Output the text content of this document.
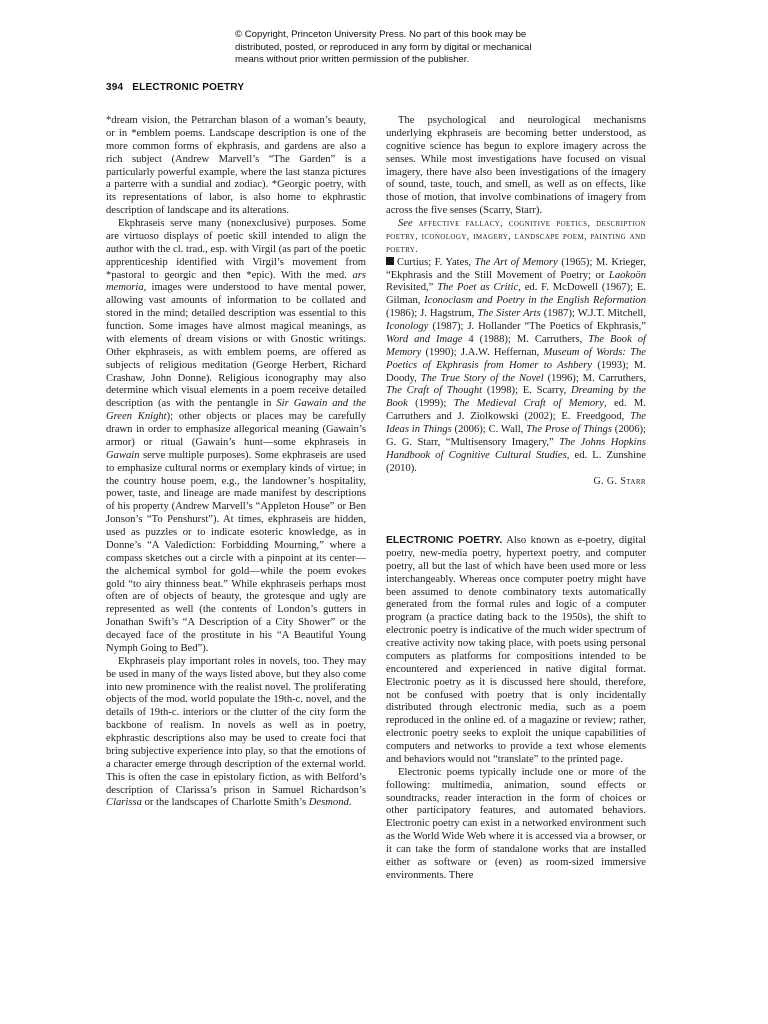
© Copyright, Princeton University Press. No part of this book may be
distributed, posted, or reproduced in any form by digital or mechanical
means without prior written permission of the publisher.
394 ELECTRONIC POETRY

*dream vision, the Petrarchan blason of a woman’s beauty, or in *emblem poems. Landscape description is one of the more common forms of ekphrasis, and gardens are also a rich subject (Andrew Marvell’s “The Garden” is a particularly powerful example, where the last stanza pictures a parterre with a sundial and zodiac). *Georgic poetry, with its representations of labor, is also home to ekphrastic description of landscape and its alterations.

Ekphraseis serve many (nonexclusive) purposes. Some are virtuoso displays of poetic skill intended to align the author with the cl. trad., esp. with Virgil (as part of the poetic apprenticeship identified with Virgil’s movement from *pastoral to georgic and then *epic). With the med. ars memoria, images were understood to have mental power, allowing vast amounts of information to be collated and stored in the mind; detailed description was essential to this function. Some images have almost magical meanings, as with elements of dream visions or with Gnostic writings. Other ekphraseis, as with emblem poems, are offered as subjects of religious meditation (George Herbert, Richard Crashaw, John Donne). Religious iconography may also determine which visual elements in a poem receive detailed description (as with the pentangle in Sir Gawain and the Green Knight); other objects or places may be carefully drawn in order to emphasize allegorical meaning (Gawain’s armor) or ritual (Gawain’s hunt—some ekphraseis in Gawain serve multiple purposes). Some ekphraseis are used to emphasize cultural norms or exemplary kinds of virtue; in the country house poem, e.g., the landowner’s hospitality, power, taste, and lineage are made manifest by descriptions of his property (Andrew Marvell’s “Appleton House” or Ben Jonson’s “To Penshurst”). At times, ekphraseis are hidden, used as puzzles or to indicate esoteric knowledge, as in Donne’s “A Valediction: Forbidding Mourning,” where a compass sketches out a circle with a pinpoint at its center—the alchemical symbol for gold—while the poem evokes gold “to airy thinness beat.” While ekphraseis perhaps most often are of objects of beauty, the grotesque and ugly are represented as well (the contents of London’s gutters in Jonathan Swift’s “A Description of a City Shower” or the decayed face of the prostitute in his “A Beautiful Young Nymph Going to Bed”).

Ekphraseis play important roles in novels, too. They may be used in many of the ways listed above, but they also come into new prominence with the realist novel. The proliferating objects of the mod. world populate the 19th-c. novel, and the details of 19th-c. interiors or the clutter of the city form the backbone of realism. In novels as well as in poetry, ekphrastic descriptions also may be used to create foci that bring subjective experience into play, so that the emotions of a character emerge through description of the external world. This is often the case in epistolary fiction, as with Belford’s description of Clarissa’s prison in Samuel Richardson’s Clarissa or the landscapes of Charlotte Smith’s Desmond.

The psychological and neurological mechanisms underlying ekphraseis are becoming better understood, as cognitive science has begun to explore imagery across the senses. While most investigations have focused on visual imagery, there have also been investigations of the imagery of sound, taste, touch, and smell, as well as on effects, like those of motion, that involve combinations of imagery from across the five senses (Scarry, Starr).

See affective fallacy, cognitive poetics, description poetry, iconology, imagery, landscape poem, painting and poetry.

Curtius; F. Yates, The Art of Memory (1965); M. Krieger, “Ekphrasis and the Still Movement of Poetry; or Laokoön Revisited,” The Poet as Critic, ed. F. McDowell (1967); E. Gilman, Iconoclasm and Poetry in the English Reformation (1986); J. Hagstrum, The Sister Arts (1987); W.J.T. Mitchell, Iconology (1987); J. Hollander “The Poetics of Ekphrasis,” Word and Image 4 (1988); M. Carruthers, The Book of Memory (1990); J.A.W. Heffernan, Museum of Words: The Poetics of Ekphrasis from Homer to Ashbery (1993); M. Doody, The True Story of the Novel (1996); M. Carruthers, The Craft of Thought (1998); E. Scarry, Dreaming by the Book (1999); The Medieval Craft of Memory, ed. M. Carruthers and J. Ziolkowski (2002); E. Freedgood, The Ideas in Things (2006); C. Wall, The Prose of Things (2006); G. G. Starr, “Multisensory Imagery,” The Johns Hopkins Handbook of Cognitive Cultural Studies, ed. L. Zunshine (2010).

G. G. Starr

ELECTRONIC POETRY. Also known as e-poetry, digital poetry, new-media poetry, hypertext poetry, and computer poetry, all but the last of which have been used more or less interchangeably. Whereas once computer poetry might have been assumed to denote combinatory texts automatically generated from the formal rules and logic of a computer program (a practice dating back to the 1950s), the shift to electronic poetry is indicative of the much wider spectrum of creative activity now taking place, with poets using personal computers as platforms for compositions intended to be encountered and experienced in native digital format. Electronic poetry as it is discussed here should, therefore, not be confused with poetry that is only incidentally distributed through electronic media, such as a poem reproduced in the online ed. of a magazine or review; rather, electronic poetry seeks to exploit the unique capabilities of computers and networks to provide a text whose elements and behaviors would not “translate” to the printed page.

Electronic poems typically include one or more of the following: multimedia, animation, sound effects or soundtracks, reader interaction in the form of choices or other participatory features, and automated behaviors. Electronic poetry can exist in a networked environment such as the World Wide Web where it is accessed via a browser, or it can take the form of standalone works that are installed either as software or (even) as room-sized immersive environments. There
